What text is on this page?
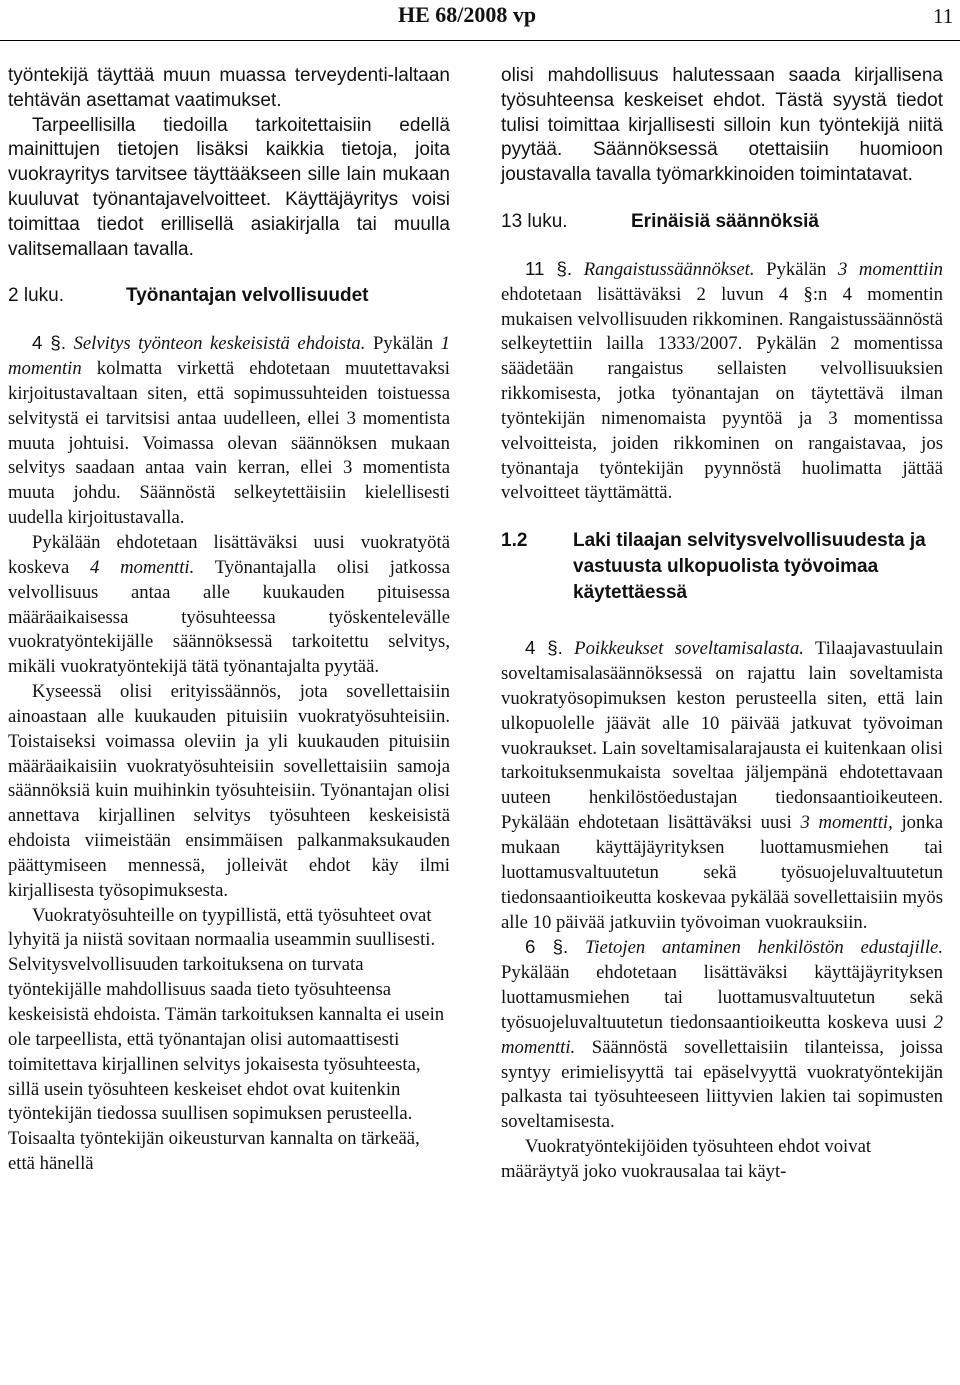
HE 68/2008 vp	11

työntekijä täyttää muun muassa terveydenti-laltaan tehtävän asettamat vaatimukset.

Tarpeellisilla tiedoilla tarkoitettaisiin edellä mainittujen tietojen lisäksi kaikkia tietoja, joita vuokrayritys tarvitsee täyttääkseen sille lain mukaan kuuluvat työnantajavelvoitteet. Käyttäjäyritys voisi toimittaa tiedot erillisellä asiakirjalla tai muulla valitsemallaan tavalla.

2 luku.	Työnantajan velvollisuudet

4 §. Selvitys työnteon keskeisistä ehdoista. Pykälän 1 momentin kolmatta virkettä ehdotetaan muutettavaksi kirjoitustavaltaan siten, että sopimussuhteiden toistuessa selvitystä ei tarvitsisi antaa uudelleen, ellei 3 momentista muuta johtuisi. Voimassa olevan säännöksen mukaan selvitys saadaan antaa vain kerran, ellei 3 momentista muuta johdu. Säännöstä selkeytettäisiin kielellisesti uudella kirjoitustavalla.

Pykälään ehdotetaan lisättäväksi uusi vuokratyötä koskeva 4 momentti. Työnantajalla olisi jatkossa velvollisuus antaa alle kuukauden pituisessa määräaikaisessa työsuhteessa työskentelevälle vuokratyöntekijälle säännöksessä tarkoitettu selvitys, mikäli vuokratyöntekijä tätä työnantajalta pyytää.

Kyseessä olisi erityissäännös, jota sovellettaisiin ainoastaan alle kuukauden pituisiin vuokratyösuhteisiin. Toistaiseksi voimassa oleviin ja yli kuukauden pituisiin määräaikaisiin vuokratyösuhteisiin sovellettaisiin samoja säännöksiä kuin muihinkin työsuhteisiin. Työnantajan olisi annettava kirjallinen selvitys työsuhteen keskeisistä ehdoista viimeistään ensimmäisen palkanmaksukauden päättymiseen mennessä, jolleivät ehdot käy ilmi kirjallisesta työsopimuksesta.

Vuokratyösuhteille on tyypillistä, että työsuhteet ovat lyhyitä ja niistä sovitaan normaalia useammin suullisesti. Selvitysvelvollisuuden tarkoituksena on turvata työntekijälle mahdollisuus saada tieto työsuhteensa keskeisistä ehdoista. Tämän tarkoituksen kannalta ei usein ole tarpeellista, että työnantajan olisi automaattisesti toimitettava kirjallinen selvitys jokaisesta työsuhteesta, sillä usein työsuhteen keskeiset ehdot ovat kuitenkin työntekijän tiedossa suullisen sopimuksen perusteella. Toisaalta työntekijän oikeusturvan kannalta on tärkeää, että hänellä

olisi mahdollisuus halutessaan saada kirjallisena työsuhteensa keskeiset ehdot. Tästä syystä tiedot tulisi toimittaa kirjallisesti silloin kun työntekijä niitä pyytää. Säännöksessä otettaisiin huomioon joustavalla tavalla työmarkkinoiden toimintatavat.

13 luku.	Erinäisiä säännöksiä

11 §. Rangaistussäännökset. Pykälän 3 momenttiin ehdotetaan lisättäväksi 2 luvun 4 §:n 4 momentin mukaisen velvollisuuden rikkominen. Rangaistussäännöstä selkeytettiin lailla 1333/2007. Pykälän 2 momentissa säädetään rangaistus sellaisten velvollisuuksien rikkomisesta, jotka työnantajan on täytettävä ilman työntekijän nimenomaista pyyntöä ja 3 momentissa velvoitteista, joiden rikkominen on rangaistavaa, jos työnantaja työntekijän pyynnöstä huolimatta jättää velvoitteet täyttämättä.

1.2	Laki tilaajan selvitysvelvollisuudesta ja vastuusta ulkopuolista työvoimaa käytettäessä

4 §. Poikkeukset soveltamisalasta. Tilaajavastuulain soveltamisalasäännöksessä on rajattu lain soveltamista vuokratyösopimuksen keston perusteella siten, että lain ulkopuolelle jäävät alle 10 päivää jatkuvat työvoiman vuokraukset. Lain soveltamisalarajausta ei kuitenkaan olisi tarkoituksenmukaista soveltaa jäljempänä ehdotettavaan uuteen henkilöstöedustajan tiedonsaantioikeuteen. Pykälään ehdotetaan lisättäväksi uusi 3 momentti, jonka mukaan käyttäjäyrityksen luottamusmiehen tai luottamusvaltuutetun sekä työsuojeluvaltuutetun tiedonsaantioikeutta koskevaa pykälää sovellettaisiin myös alle 10 päivää jatkuviin työvoiman vuokrauksiin.

6 §. Tietojen antaminen henkilöstön edustajille. Pykälään ehdotetaan lisättäväksi käyttäjäyrityksen luottamusmiehen tai luottamusvaltuutetun sekä työsuojeluvaltuutetun tiedonsaantioikeutta koskeva uusi 2 momentti. Säännöstä sovellettaisiin tilanteissa, joissa syntyy erimielisyyttä tai epäselvyyttä vuokratyöntekijän palkasta tai työsuhteeseen liittyvien lakien tai sopimusten soveltamisesta.

Vuokratyöntekijöiden työsuhteen ehdot voivat määräytyä joko vuokrausalaa tai käyt-
